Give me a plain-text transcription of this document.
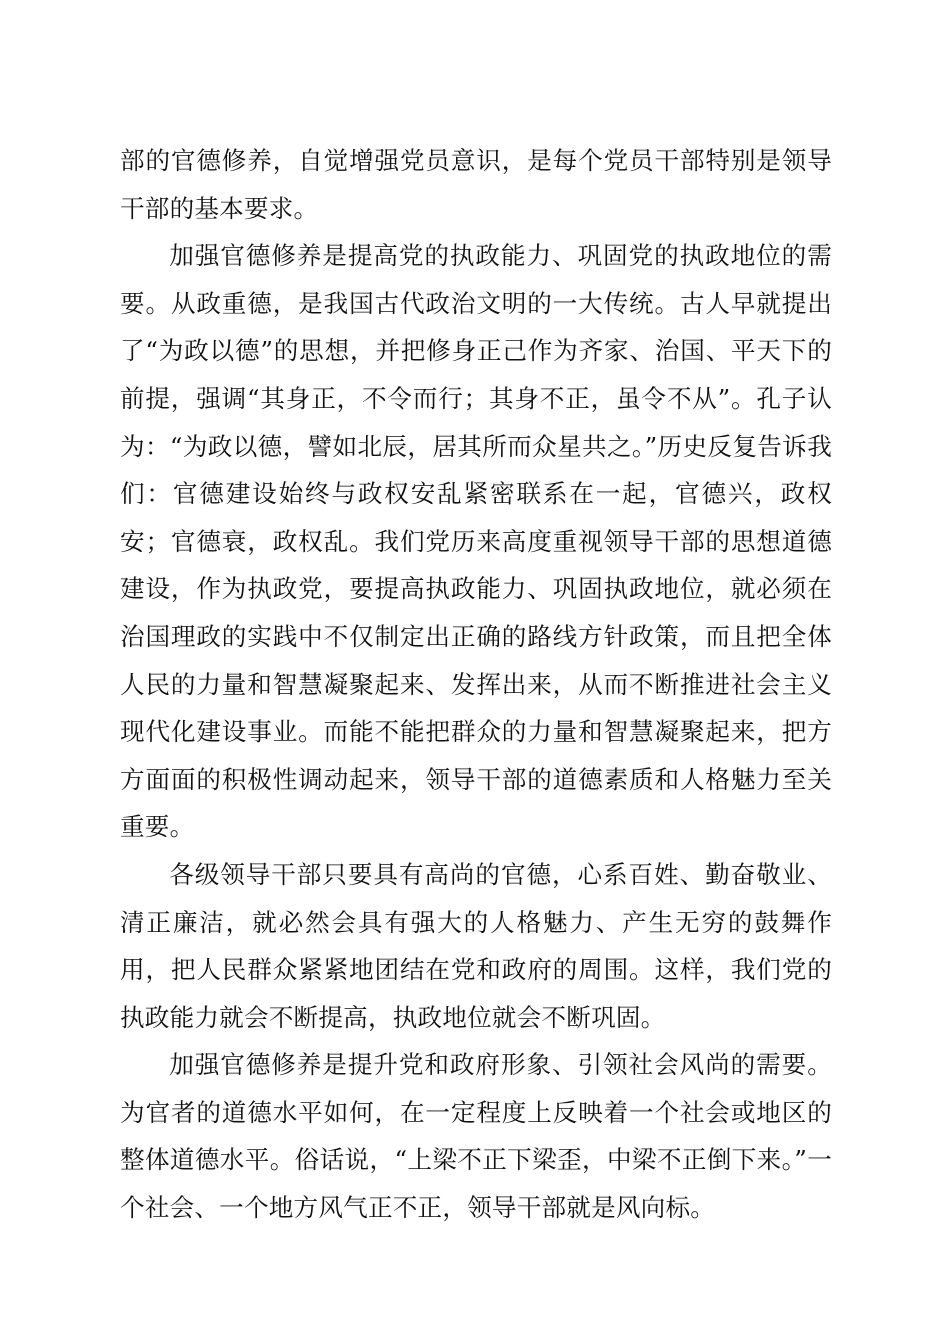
部的官德修养，自觉增强党员意识，是每个党员干部特别是领导干部的基本要求。

加强官德修养是提高党的执政能力、巩固党的执政地位的需要。从政重德，是我国古代政治文明的一大传统。古人早就提出了“为政以德”的思想，并把修身正己作为齐家、治国、平天下的前提，强调“其身正，不令而行；其身不正，虽令不从”。孔子认为：“为政以德，譬如北辰，居其所而众星共之。”历史反复告诉我们：官德建设始终与政权安乱紧密联系在一起，官德兴，政权安；官德衰，政权乱。我们党历来高度重视领导干部的思想道德建设，作为执政党，要提高执政能力、巩固执政地位，就必须在治国理政的实践中不仅制定出正确的路线方针政策，而且把全体人民的力量和智慧凝聚起来、发挥出来，从而不断推进社会主义现代化建设事业。而能不能把群众的力量和智慧凝聚起来，把方方面面的积极性调动起来，领导干部的道德素质和人格魅力至关重要。

各级领导干部只要具有高尚的官德，心系百姓、勤奋敬业、清正廉洁，就必然会具有强大的人格魅力、产生无穷的鼓舞作用，把人民群众紧紧地团结在党和政府的周围。这样，我们党的执政能力就会不断提高，执政地位就会不断巩固。

加强官德修养是提升党和政府形象、引领社会风尚的需要。为官者的道德水平如何，在一定程度上反映着一个社会或地区的整体道德水平。俗话说，“上梁不正下梁歪，中梁不正倒下来。”一个社会、一个地方风气正不正，领导干部就是风向标。
